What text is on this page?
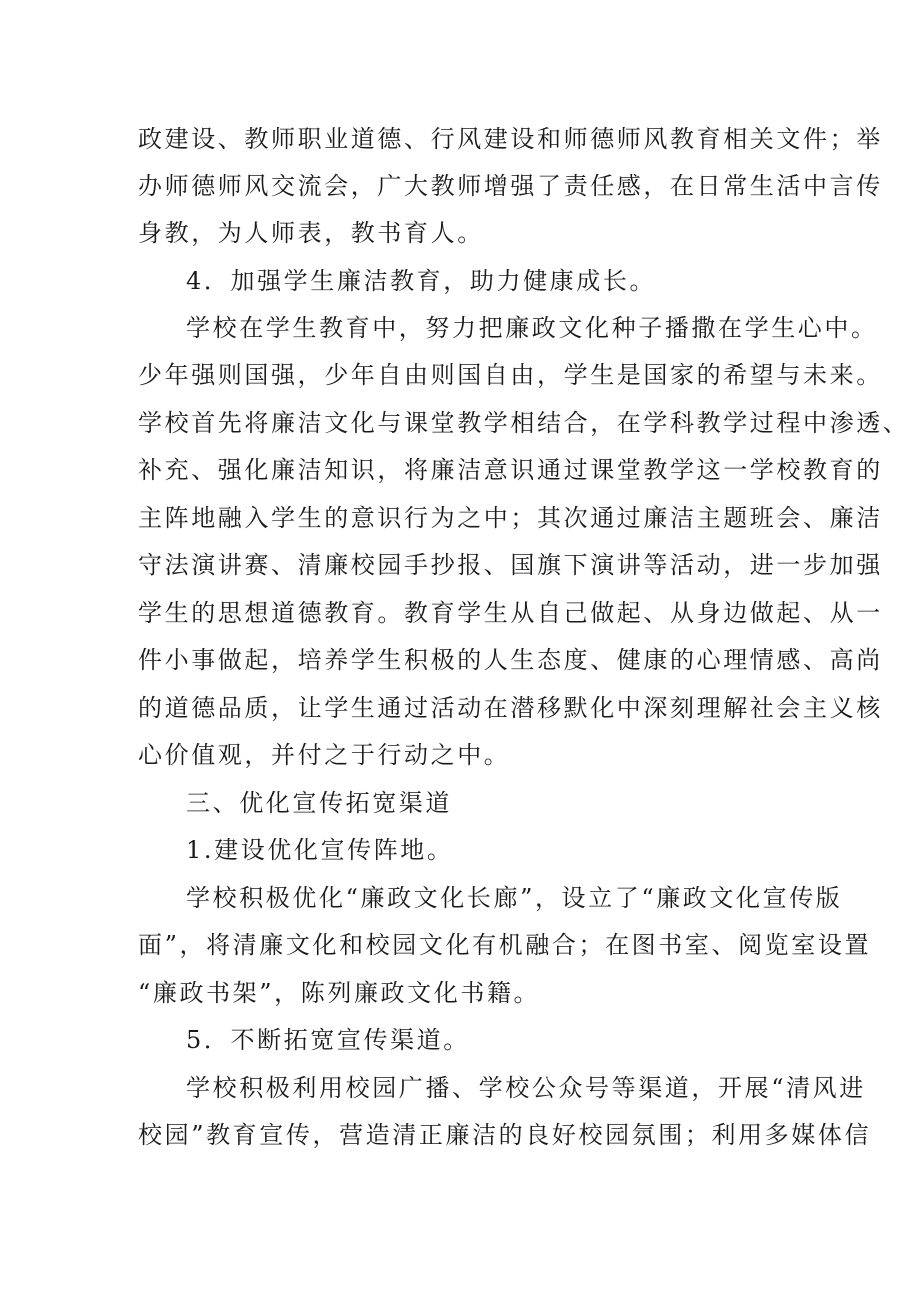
政建设、教师职业道德、行风建设和师德师风教育相关文件；举
办师德师风交流会，广大教师增强了责任感，在日常生活中言传
身教，为人师表，教书育人。
4．加强学生廉洁教育，助力健康成长。
学校在学生教育中，努力把廉政文化种子播撒在学生心中。
少年强则国强，少年自由则国自由，学生是国家的希望与未来。
学校首先将廉洁文化与课堂教学相结合，在学科教学过程中渗透、
补充、强化廉洁知识，将廉洁意识通过课堂教学这一学校教育的
主阵地融入学生的意识行为之中；其次通过廉洁主题班会、廉洁
守法演讲赛、清廉校园手抄报、国旗下演讲等活动，进一步加强
学生的思想道德教育。教育学生从自己做起、从身边做起、从一
件小事做起，培养学生积极的人生态度、健康的心理情感、高尚
的道德品质，让学生通过活动在潜移默化中深刻理解社会主义核
心价值观，并付之于行动之中。
三、优化宣传拓宽渠道
1.建设优化宣传阵地。
学校积极优化“廉政文化长廊”，设立了“廉政文化宣传版
面”，将清廉文化和校园文化有机融合；在图书室、阅览室设置
“廉政书架”，陈列廉政文化书籍。
5．不断拓宽宣传渠道。
学校积极利用校园广播、学校公众号等渠道，开展“清风进
校园”教育宣传，营造清正廉洁的良好校园氛围；利用多媒体信
